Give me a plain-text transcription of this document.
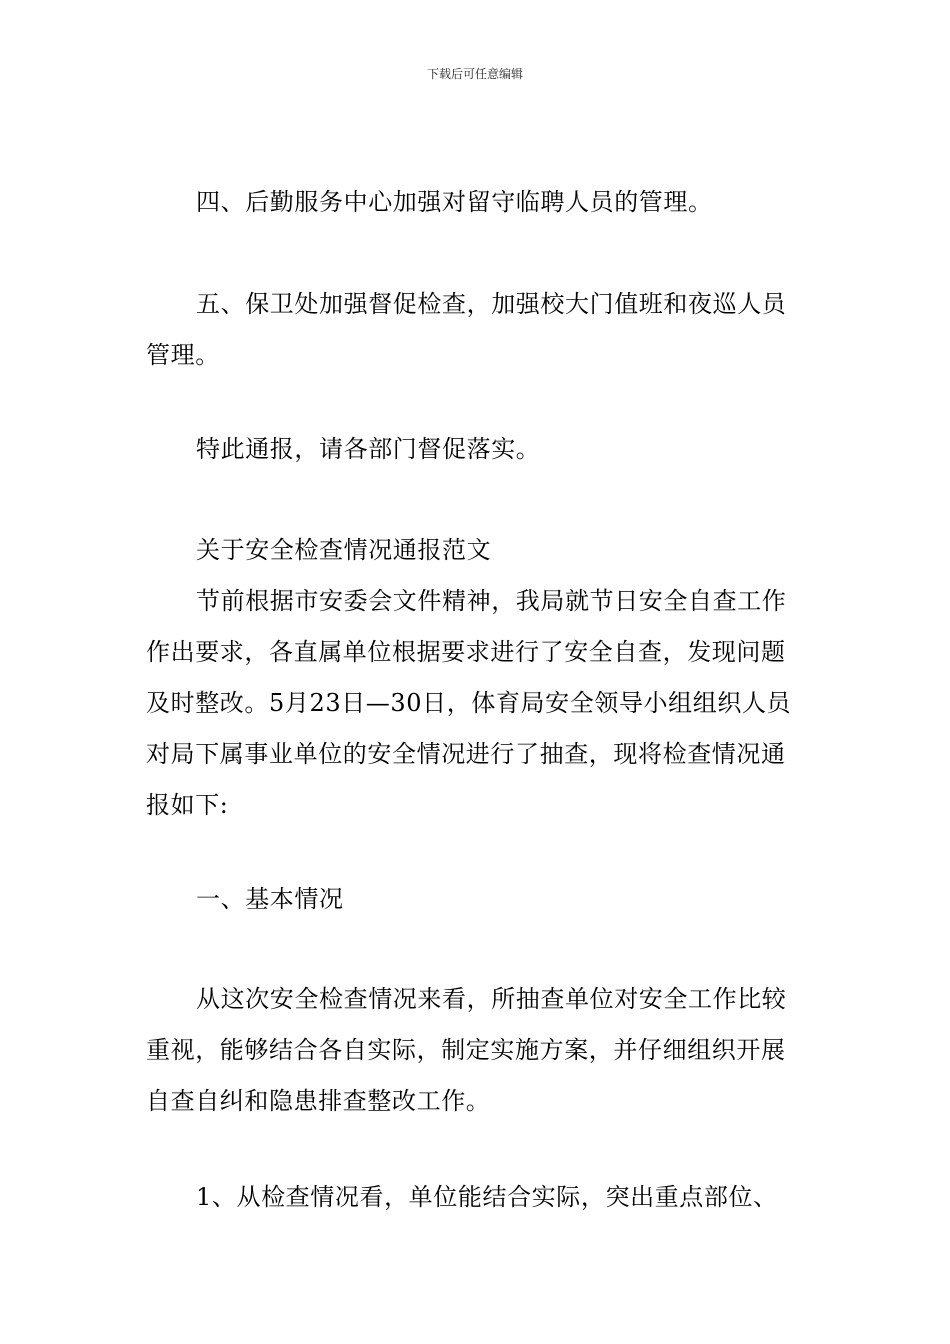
下载后可任意编辑

四、后勤服务中心加强对留守临聘人员的管理。

五、保卫处加强督促检查，加强校大门值班和夜巡人员管理。

特此通报，请各部门督促落实。

关于安全检查情况通报范文

节前根据市安委会文件精神，我局就节日安全自查工作作出要求，各直属单位根据要求进行了安全自查，发现问题及时整改。5月23日—30日，体育局安全领导小组组织人员对局下属事业单位的安全情况进行了抽查，现将检查情况通报如下:

一、基本情况

从这次安全检查情况来看，所抽查单位对安全工作比较重视，能够结合各自实际，制定实施方案，并仔细组织开展自查自纠和隐患排查整改工作。

1、从检查情况看，单位能结合实际，突出重点部位、
